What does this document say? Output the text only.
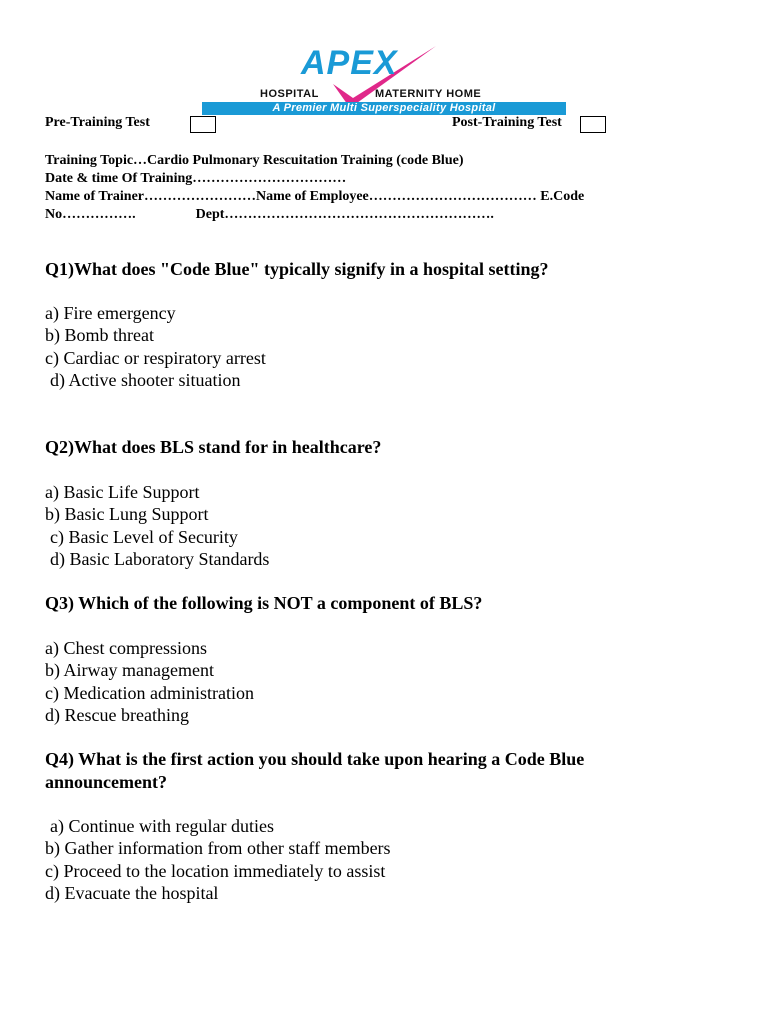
APEX
HOSPITAL	MATERNITY HOME
A Premier Multi Superspeciality Hospital
Pre-Training Test	Post-Training Test
Training Topic…Cardio Pulmonary Rescuitation Training (code Blue)
Date & time Of Training……………………………
Name of Trainer……………………Name of Employee……………………………… E.Code
No…………….	Dept………………………………………………….
Q1)What does "Code Blue" typically signify in a hospital setting?
a) Fire emergency
b) Bomb threat
c) Cardiac or respiratory arrest
d) Active shooter situation
Q2)What does BLS stand for in healthcare?
a) Basic Life Support
b) Basic Lung Support
c) Basic Level of Security
d) Basic Laboratory Standards
Q3) Which of the following is NOT a component of BLS?
a) Chest compressions
b) Airway management
c) Medication administration
d) Rescue breathing
Q4) What is the first action you should take upon hearing a Code Blue announcement?
a) Continue with regular duties
b) Gather information from other staff members
c) Proceed to the location immediately to assist
d) Evacuate the hospital
